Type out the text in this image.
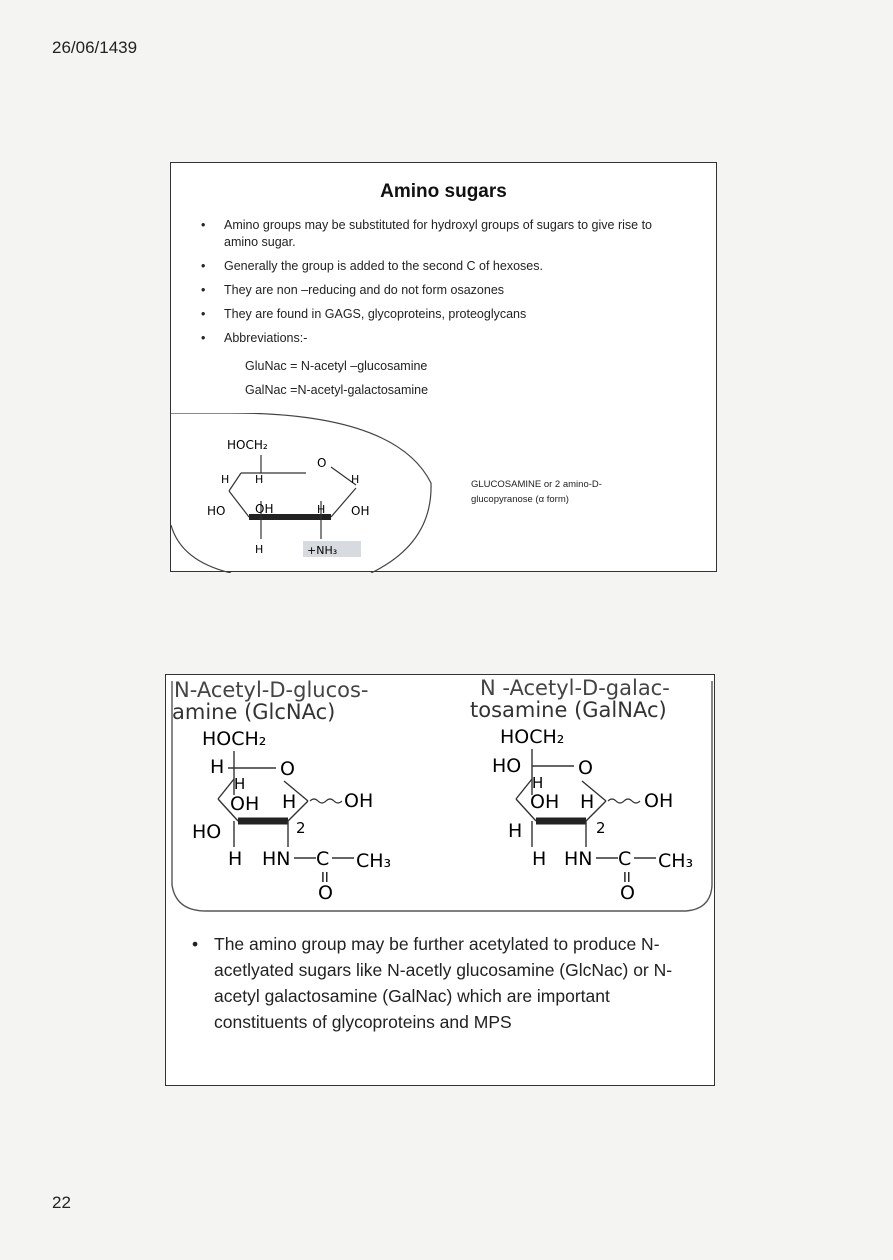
26/06/1439
Amino sugars
• Amino groups may be substituted for hydroxyl groups of sugars to give rise to amino sugar.
• Generally the group is added to the second C of hexoses.
• They are non –reducing and do not form osazones
• They are found in GAGS, glycoproteins, proteoglycans
• Abbreviations:-
GluNac = N-acetyl –glucosamine
GalNac =N-acetyl-galactosamine
HOCH₂
O
H H	H
HO OH	H OH
H	+NH₃
GLUCOSAMINE or 2 amino-D-
glucopyranose (α form)
N-Acetyl-D-glucos-
amine (GlcNAc)
N -Acetyl-D-galac-
tosamine (GalNAc)
HOCH₂
H	O
H
OH H	OH
HO	2
H HN C CH₃
II
O
HOCH₂
HO	O
H
OH H	OH
H	2
H HN C CH₃
II
O
• The amino group may be further acetylated to produce N-acetlyated sugars like N-acetly glucosamine (GlcNac) or N-acetyl galactosamine (GalNac) which are important constituents of glycoproteins and MPS
22
